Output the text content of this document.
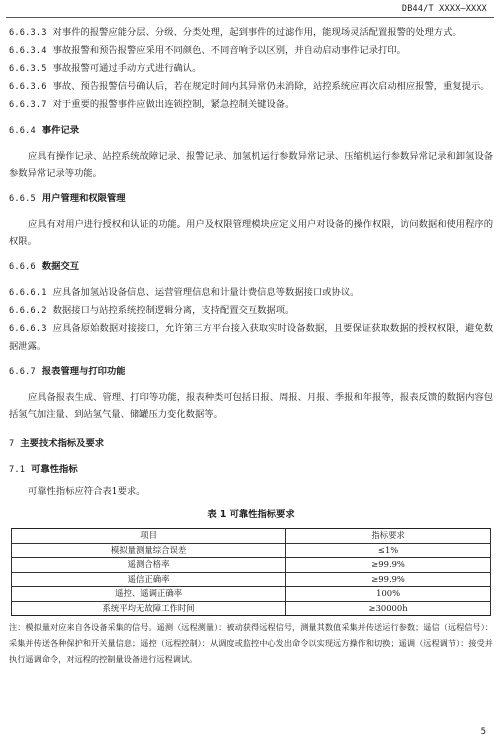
DB44/T XXXX—XXXX

6.6.3.3 对事件的报警应能分层、分级、分类处理，起到事件的过滤作用，能现场灵活配置报警的处理方式。

6.6.3.4 事故报警和预告报警应采用不同颜色、不同音响予以区别，并自动启动事件记录打印。

6.6.3.5 事故报警可通过手动方式进行确认。

6.6.3.6 事故、预告报警信号确认后，若在规定时间内其异常仍未消除，站控系统应再次启动相应报警，重复提示。

6.6.3.7 对于重要的报警事件应做出连锁控制，紧急控制关键设备。

6.6.4 事件记录

应具有操作记录、站控系统故障记录、报警记录、加氢机运行参数异常记录、压缩机运行参数异常记录和卸氢设备参数异常记录等功能。

6.6.5 用户管理和权限管理

应具有对用户进行授权和认证的功能。用户及权限管理模块应定义用户对设备的操作权限，访问数据和使用程序的权限。

6.6.6 数据交互

6.6.6.1 应具备加氢站设备信息、运营管理信息和计量计费信息等数据接口或协议。

6.6.6.2 数据接口与站控系统控制逻辑分离，支持配置交互数据项。

6.6.6.3 应具备原始数据对接接口，允许第三方平台接入获取实时设备数据，且要保证获取数据的授权权限，避免数据泄露。

6.6.7 报表管理与打印功能

应具备报表生成、管理、打印等功能，报表种类可包括日报、周报、月报、季报和年报等，报表反馈的数据内容包括氢气加注量、到站氢气量、储罐压力变化数据等。

7 主要技术指标及要求

7.1 可靠性指标

可靠性指标应符合表1要求。

表 1 可靠性指标要求
项目	指标要求
模拟量测量综合误差	≤1%
遥测合格率	≥99.9%
遥信正确率	≥99.9%
遥控、遥调正确率	100%
系统平均无故障工作时间	≥30000h

注：模拟量对应来自各设备采集的信号。遥测（远程测量）：被动获得远程信号，测量其数值采集并传送运行参数；遥信（远程信号）：采集并传送各种保护和开关量信息；遥控（远程控制）：从调度或监控中心发出命令以实现远方操作和切换；遥调（远程调节）：接受并执行遥调命令，对远程的控制量设备进行远程调试。

5
